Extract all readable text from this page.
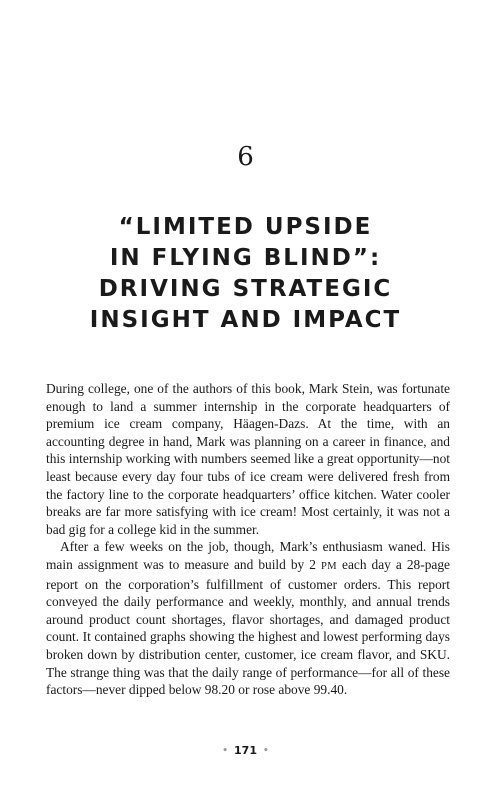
6
“LIMITED UPSIDE
IN FLYING BLIND”:
DRIVING STRATEGIC
INSIGHT AND IMPACT

During college, one of the authors of this book, Mark Stein, was fortunate enough to land a summer internship in the corporate headquarters of premium ice cream company, Häagen-Dazs. At the time, with an accounting degree in hand, Mark was planning on a career in finance, and this internship working with numbers seemed like a great opportunity—not least because every day four tubs of ice cream were delivered fresh from the factory line to the corporate headquarters’ office kitchen. Water cooler breaks are far more satisfying with ice cream! Most certainly, it was not a bad gig for a college kid in the summer.

After a few weeks on the job, though, Mark’s enthusiasm waned. His main assignment was to measure and build by 2 PM each day a 28-page report on the corporation’s fulfillment of customer orders. This report conveyed the daily performance and weekly, monthly, and annual trends around product count shortages, flavor shortages, and damaged product count. It contained graphs showing the highest and lowest performing days broken down by distribution center, customer, ice cream flavor, and SKU. The strange thing was that the daily range of performance—for all of these factors—never dipped below 98.20 or rose above 99.40.

• 171 •
